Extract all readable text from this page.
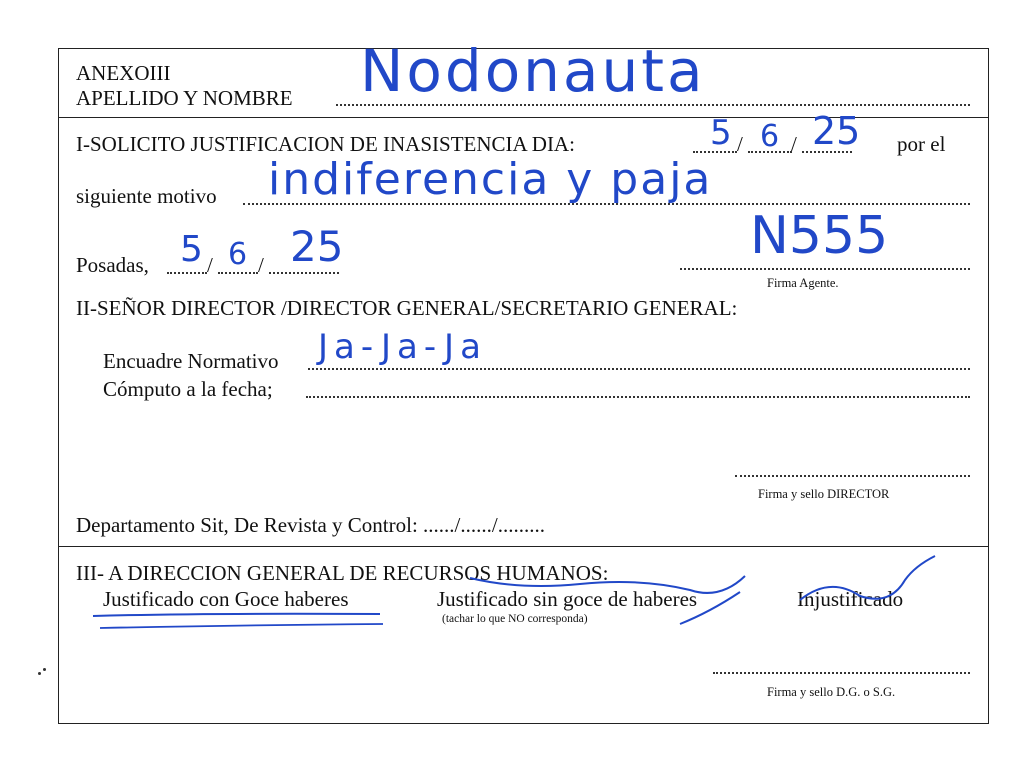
ANEXOIII
APELLIDO Y NOMBRE Nodonauta
I-SOLICITO JUSTIFICACION DE INASISTENCIA DIA:	/ /
5 6 25 por el
siguiente motivo indiferencia y paja
Posadas,	/ /
5 6 25	N555
Firma Agente.
II-SEÑOR DIRECTOR /DIRECTOR GENERAL/SECRETARIO GENERAL:
Encuadre Normativo Ja-Ja-Ja
Cómputo a la fecha;
Firma y sello DIRECTOR
Departamento Sit, De Revista y Control: ....../....../.........
III- A DIRECCION GENERAL DE RECURSOS HUMANOS:
Justificado con Goce haberes	Justificado sin goce de haberes	Injustificado
(tachar lo que NO corresponda)
Firma y sello D.G. o S.G.
